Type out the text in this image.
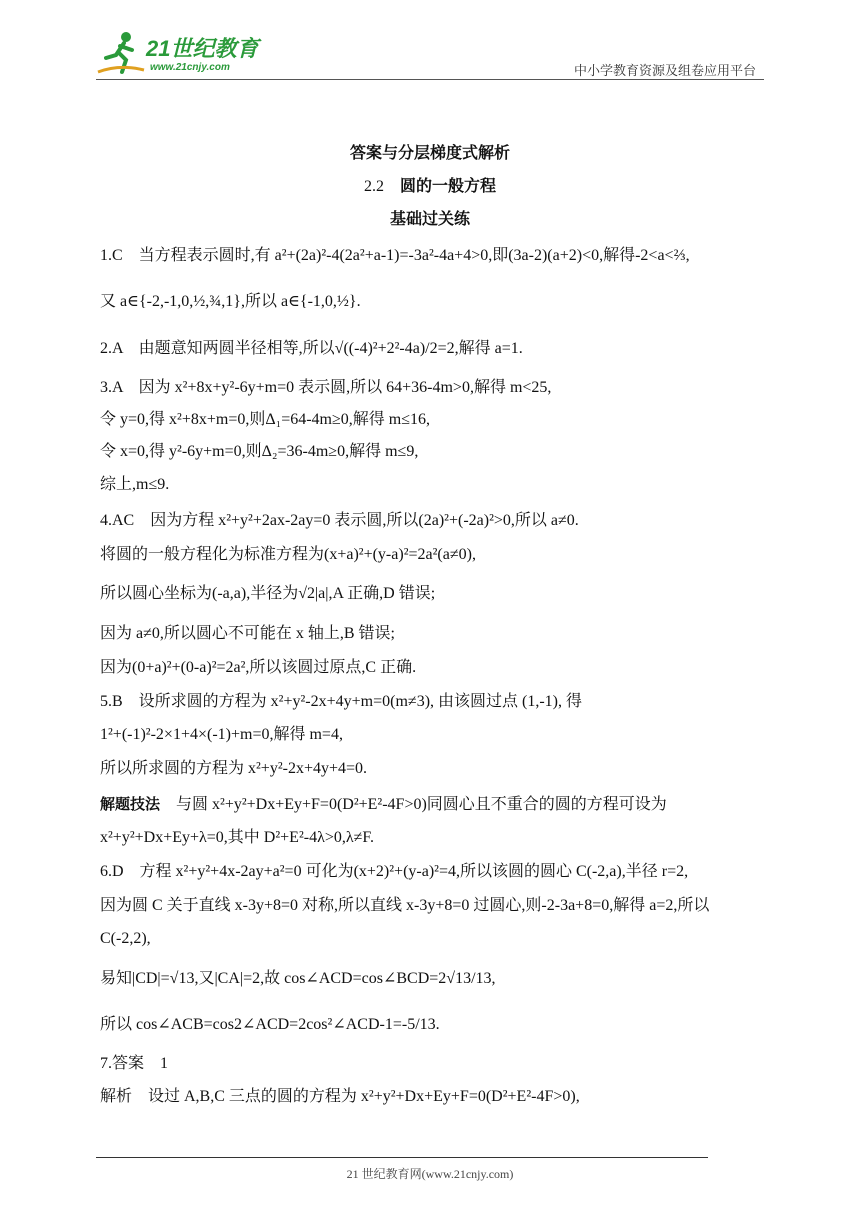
21世纪教育
www.21cnjy.com	中小学教育资源及组卷应用平台
答案与分层梯度式解析
2.2 圆的一般方程
基础过关练
1.C　当方程表示圆时,有 a²+(2a)²-4(2a²+a-1)=-3a²-4a+4>0,即(3a-2)(a+2)<0,解得-2<a<⅔,
又 a∈{-2,-1,0,½,¾,1},所以 a∈{-1,0,½}.
2.A　由题意知两圆半径相等,所以√((-4)²+2²-4a)/2=2,解得 a=1.
3.A　因为 x²+8x+y²-6y+m=0 表示圆,所以 64+36-4m>0,解得 m<25,
令 y=0,得 x²+8x+m=0,则Δ₁=64-4m≥0,解得 m≤16,
令 x=0,得 y²-6y+m=0,则Δ₂=36-4m≥0,解得 m≤9,
综上,m≤9.
4.AC　因为方程 x²+y²+2ax-2ay=0 表示圆,所以(2a)²+(-2a)²>0,所以 a≠0.
将圆的一般方程化为标准方程为(x+a)²+(y-a)²=2a²(a≠0),
所以圆心坐标为(-a,a),半径为√2|a|,A 正确,D 错误;
因为 a≠0,所以圆心不可能在 x 轴上,B 错误;
因为(0+a)²+(0-a)²=2a²,所以该圆过原点,C 正确.
5.B　设所求圆的方程为 x²+y²-2x+4y+m=0(m≠3), 由该圆过点 (1,-1), 得
1²+(-1)²-2×1+4×(-1)+m=0,解得 m=4,
所以所求圆的方程为 x²+y²-2x+4y+4=0.
解题技法 与圆 x²+y²+Dx+Ey+F=0(D²+E²-4F>0)同圆心且不重合的圆的方程可设为
x²+y²+Dx+Ey+λ=0,其中 D²+E²-4λ>0,λ≠F.
6.D　方程 x²+y²+4x-2ay+a²=0 可化为(x+2)²+(y-a)²=4,所以该圆的圆心 C(-2,a),半径 r=2,
因为圆 C 关于直线 x-3y+8=0 对称,所以直线 x-3y+8=0 过圆心,则-2-3a+8=0,解得 a=2,所以
C(-2,2),
易知|CD|=√13,又|CA|=2,故 cos∠ACD=cos∠BCD=2√13/13,
所以 cos∠ACB=cos2∠ACD=2cos²∠ACD-1=-5/13.
7.答案　1
解析　设过 A,B,C 三点的圆的方程为 x²+y²+Dx+Ey+F=0(D²+E²-4F>0),
21 世纪教育网(www.21cnjy.com)
